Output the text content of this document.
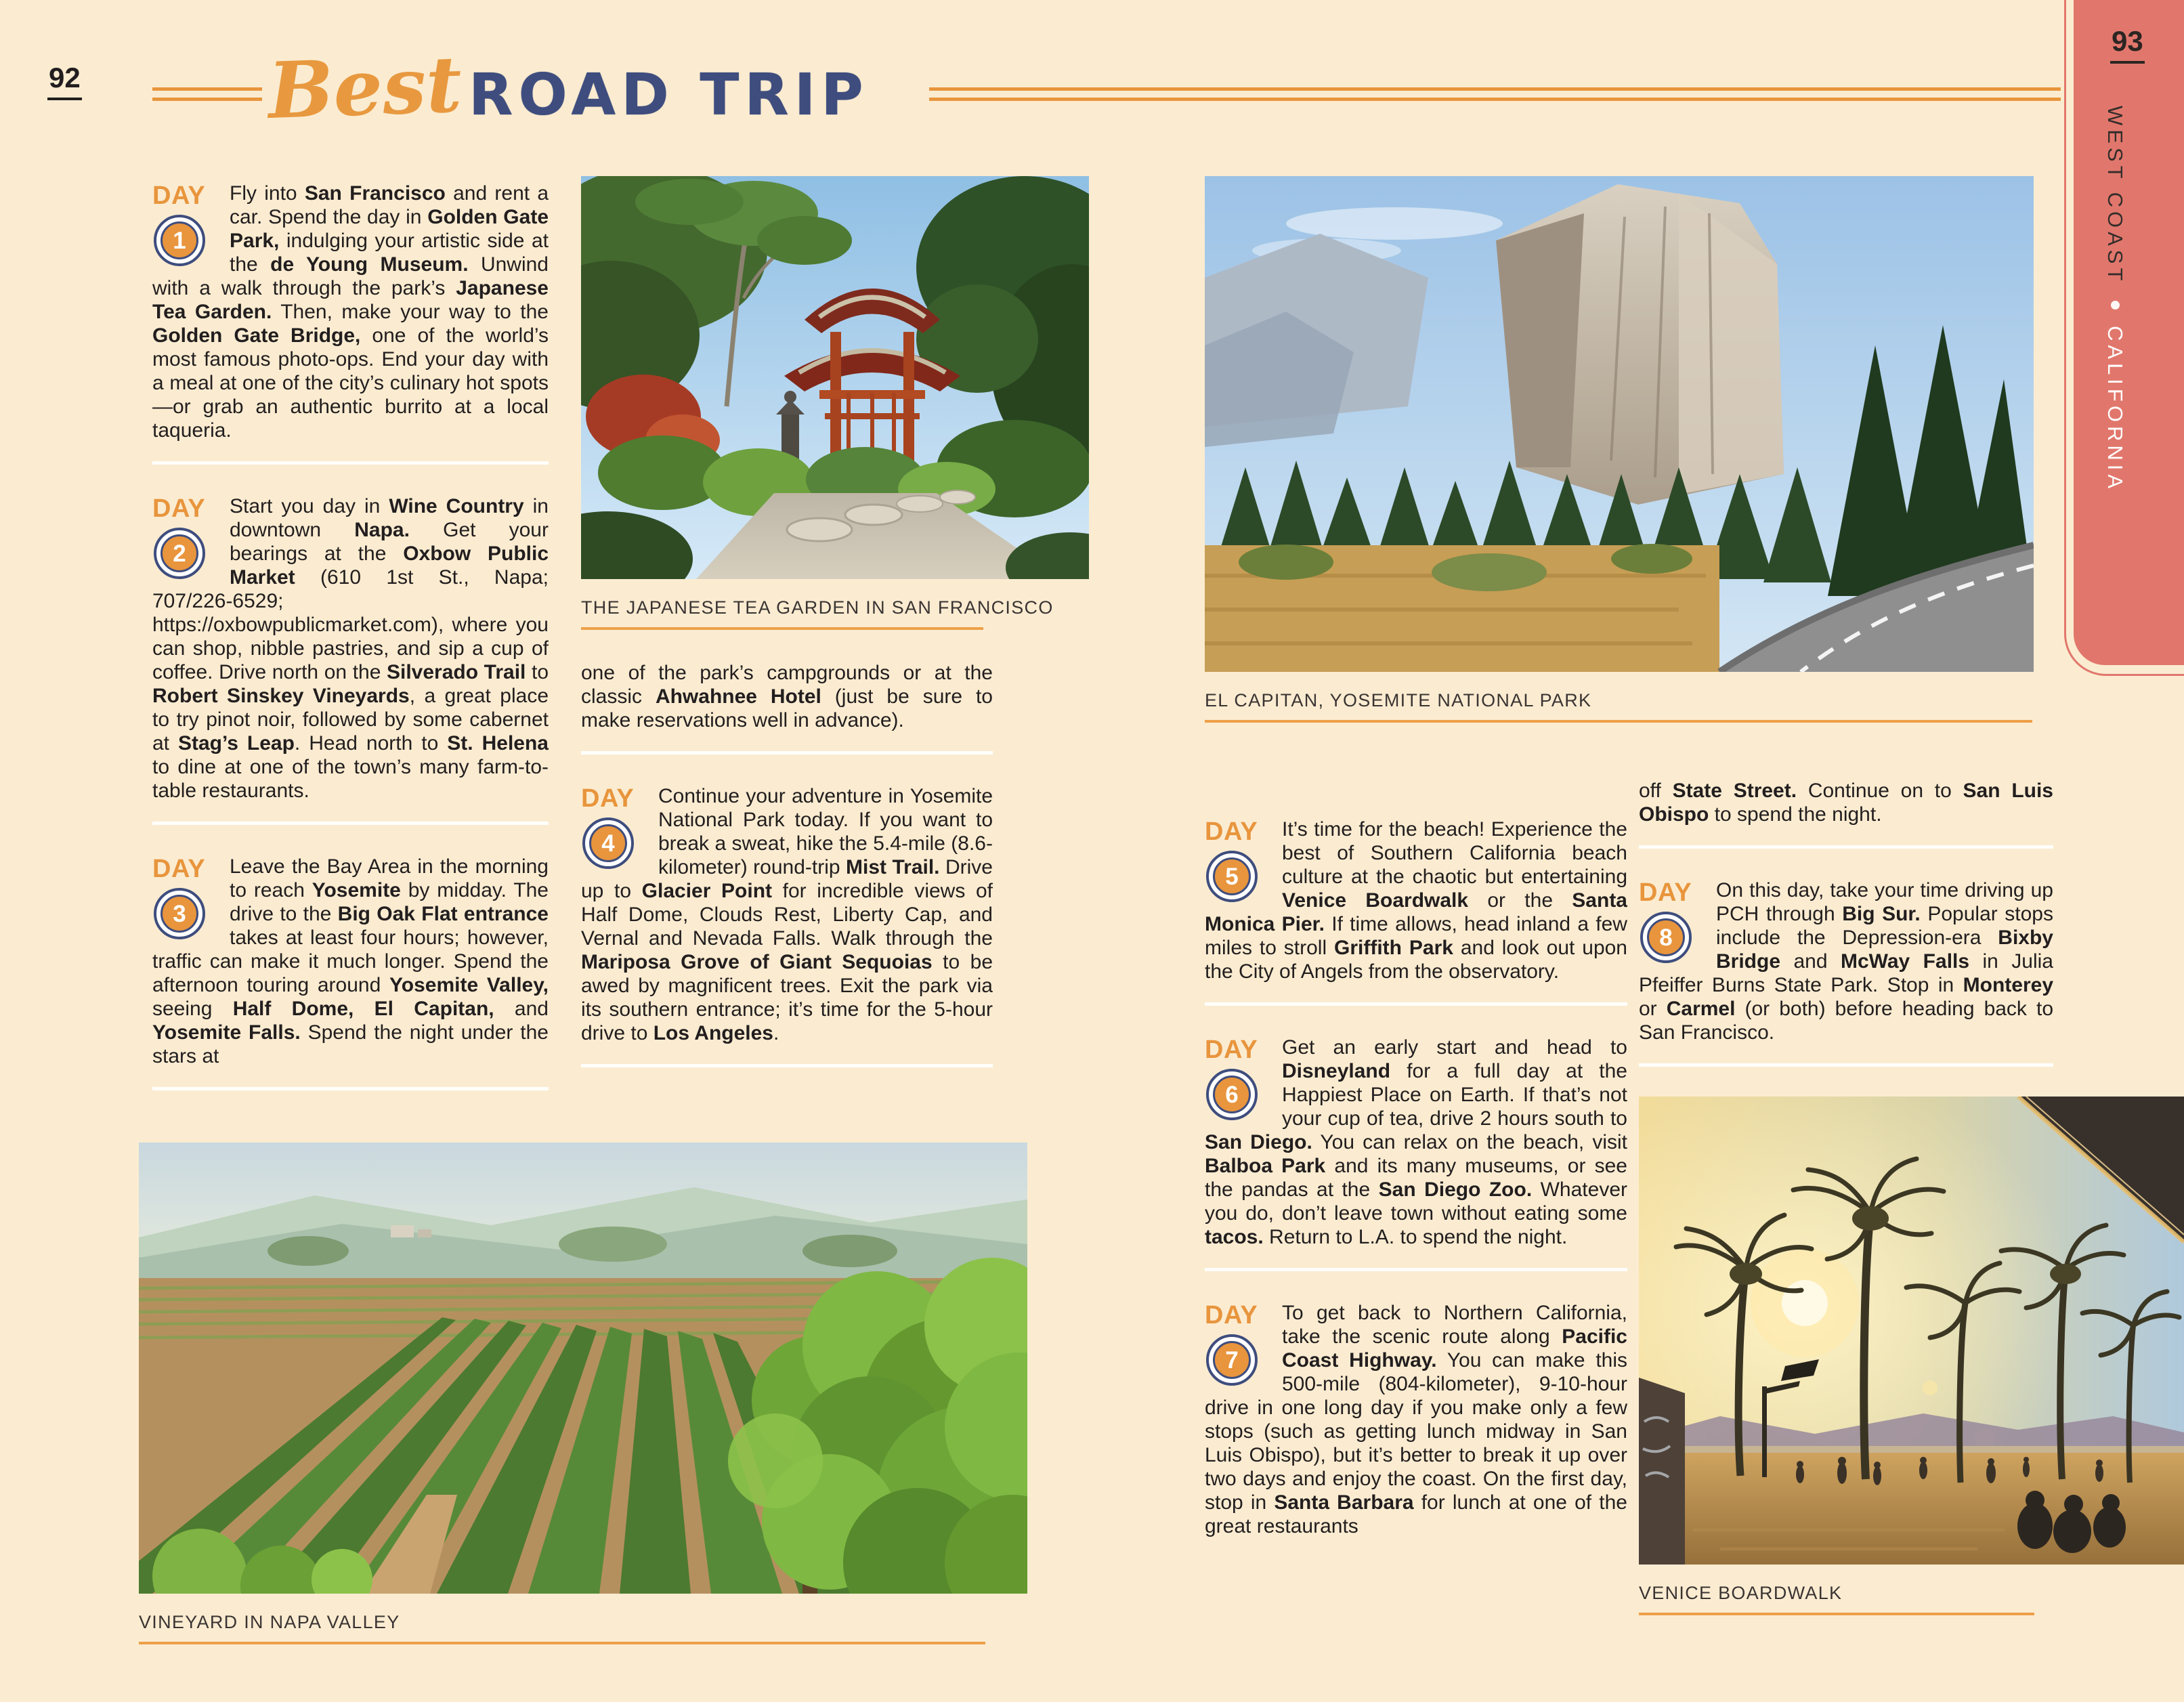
92 Best ROAD TRIP

DAY
1
Fly into San Francisco and rent a car. Spend the day in Golden Gate Park, indulging your artistic side at the de Young Museum. Unwind with a walk through the park’s Japanese Tea Garden. Then, make your way to the Golden Gate Bridge, one of the world’s most famous photo-ops. End your day with a meal at one of the city’s culinary hot spots—or grab an authentic burrito at a local taqueria.

DAY
2
Start you day in Wine Country in downtown Napa. Get your bearings at the Oxbow Public Market (610 1st St., Napa; 707/226-6529; https://oxbowpublicmarket.com), where you can shop, nibble pastries, and sip a cup of coffee. Drive north on the Silverado Trail to Robert Sinskey Vineyards, a great place to try pinot noir, followed by some cabernet at Stag’s Leap. Head north to St. Helena to dine at one of the town’s many farm-to-table restaurants.

DAY
3
Leave the Bay Area in the morning to reach Yosemite by midday. The drive to the Big Oak Flat entrance takes at least four hours; however, traffic can make it much longer. Spend the afternoon touring around Yosemite Valley, seeing Half Dome, El Capitan, and Yosemite Falls. Spend the night under the stars at

THE JAPANESE TEA GARDEN IN SAN FRANCISCO

one of the park’s campgrounds or at the classic Ahwahnee Hotel (just be sure to make reservations well in advance).

DAY
4
Continue your adventure in Yosemite National Park today. If you want to break a sweat, hike the 5.4-mile (8.6-kilometer) round-trip Mist Trail. Drive up to Glacier Point for incredible views of Half Dome, Clouds Rest, Liberty Cap, and Vernal and Nevada Falls. Walk through the Mariposa Grove of Giant Sequoias to be awed by magnificent trees. Exit the park via its southern entrance; it’s time for the 5-hour drive to Los Angeles.

EL CAPITAN, YOSEMITE NATIONAL PARK

DAY
5
It’s time for the beach! Experience the best of Southern California beach culture at the chaotic but entertaining Venice Boardwalk or the Santa Monica Pier. If time allows, head inland a few miles to stroll Griffith Park and look out upon the City of Angels from the observatory.

DAY
6
Get an early start and head to Disneyland for a full day at the Happiest Place on Earth. If that’s not your cup of tea, drive 2 hours south to San Diego. You can relax on the beach, visit Balboa Park and its many museums, or see the pandas at the San Diego Zoo. Whatever you do, don’t leave town without eating some tacos. Return to L.A. to spend the night.

DAY
7
To get back to Northern California, take the scenic route along Pacific Coast Highway. You can make this 500-mile (804-kilometer), 9-10-hour drive in one long day if you make only a few stops (such as getting lunch midway in San Luis Obispo), but it’s better to break it up over two days and enjoy the coast. On the first day, stop in Santa Barbara for lunch at one of the great restaurants

off State Street. Continue on to San Luis Obispo to spend the night.

DAY
8
On this day, take your time driving up PCH through Big Sur. Popular stops include the Depression-era Bixby Bridge and McWay Falls in Julia Pfeiffer Burns State Park. Stop in Monterey or Carmel (or both) before heading back to San Francisco.

VENICE BOARDWALK
VINEYARD IN NAPA VALLEY
93
WEST COAST
CALIFORNIA
